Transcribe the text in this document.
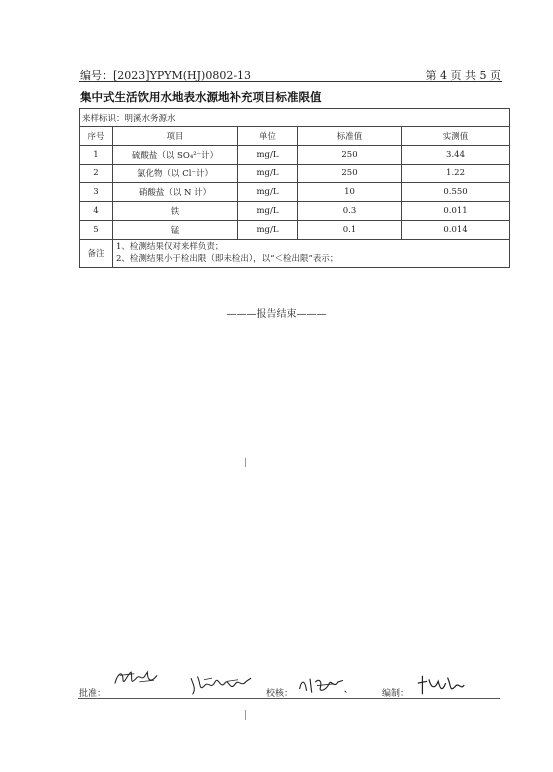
编号：[2023]YPYM(HJ)0802-13	第 4 页 共 5 页
集中式生活饮用水地表水源地补充项目标准限值
来样标识：明溪水务源水				
序号	项目	单位	标准值	实测值
1	硫酸盐（以 SO₄²⁻计）	mg/L	250	3.44
2	氯化物（以 Cl⁻计）	mg/L	250	1.22
3	硝酸盐（以 N 计）	mg/L	10	0.550
4	铁	mg/L	0.3	0.011
5	锰	mg/L	0.1	0.014
备注	1、检测结果仅对来样负责；
2、检测结果小于检出限（即未检出），以“＜检出限”表示；			
———报告结束———
批准：	校核：	编制：
